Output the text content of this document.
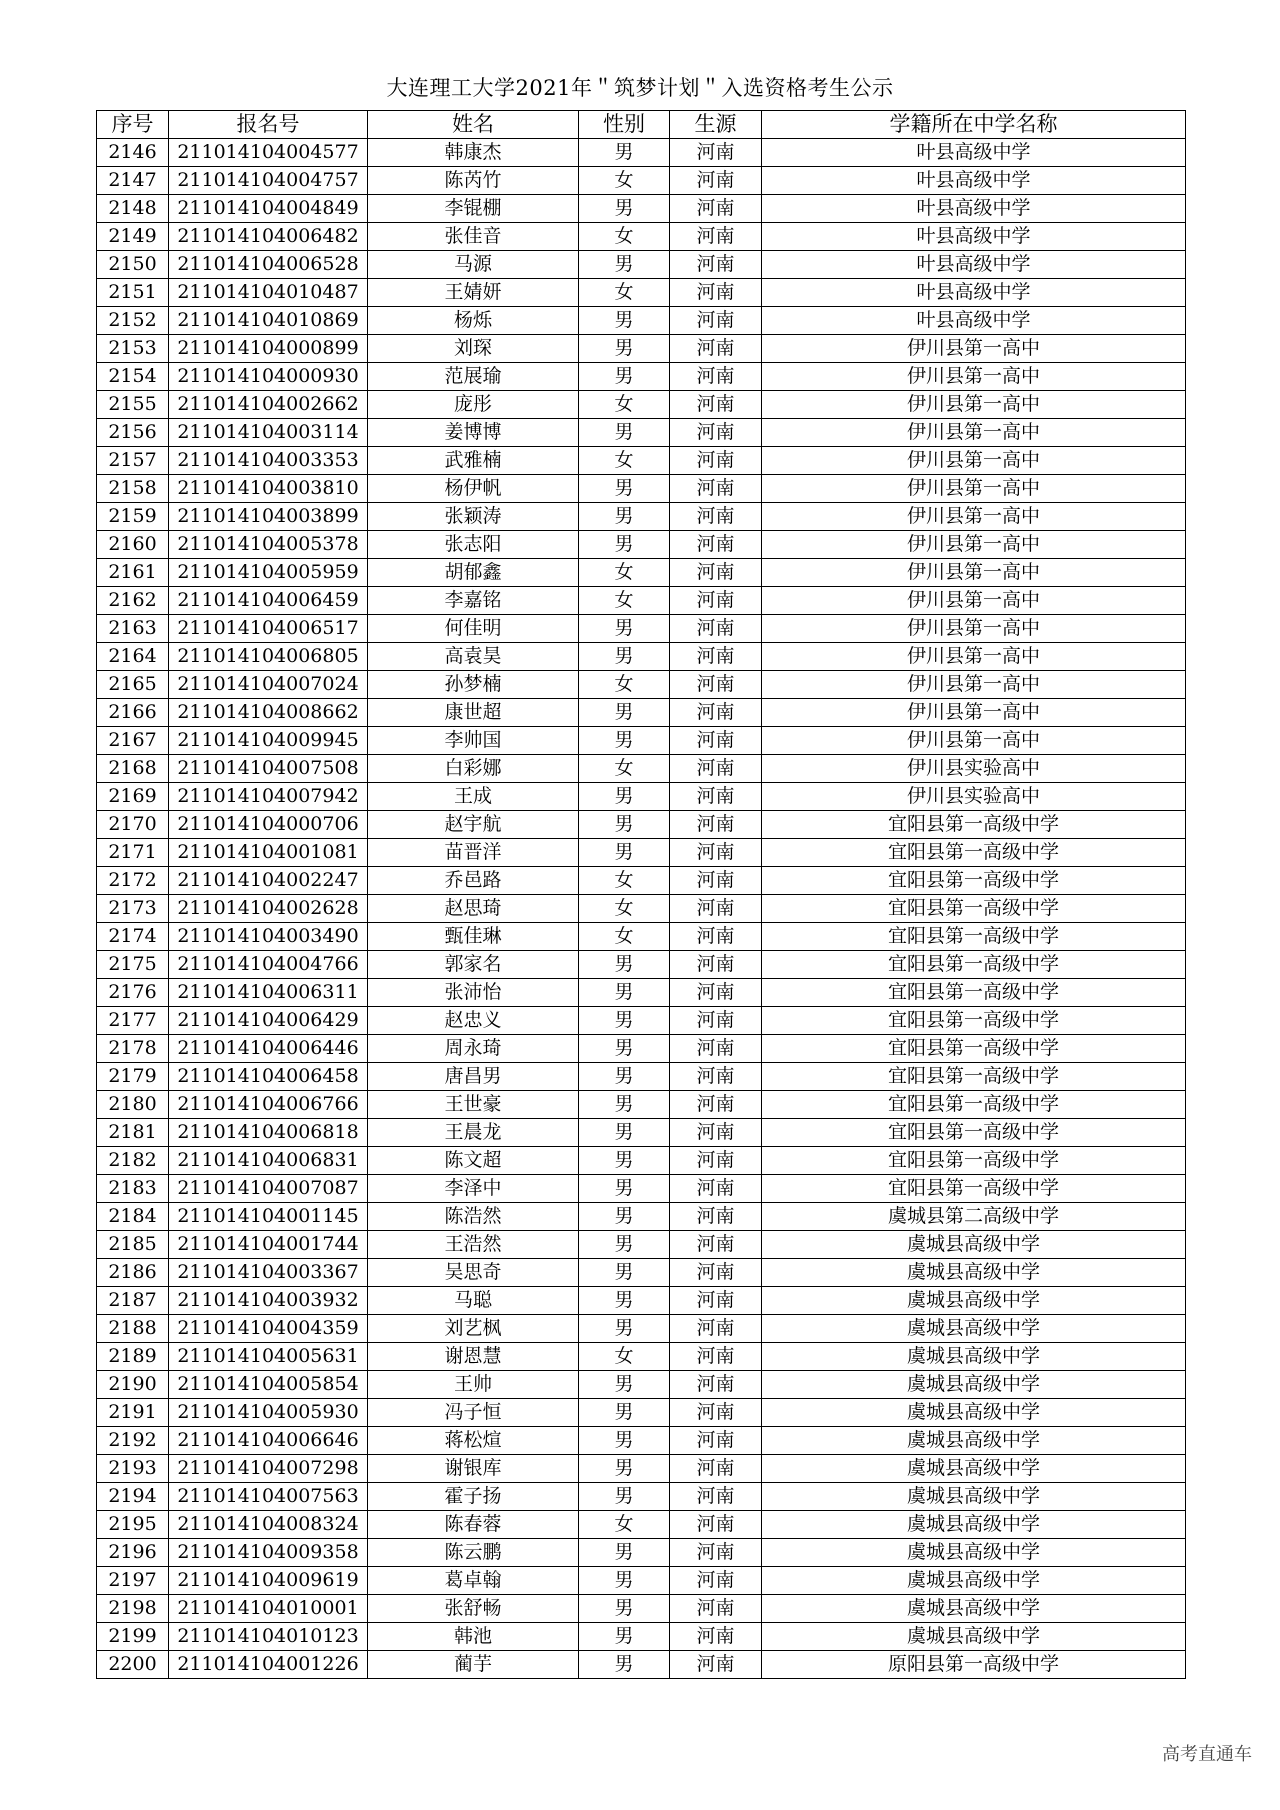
大连理工大学2021年＂筑梦计划＂入选资格考生公示
序号	报名号	姓名	性别	生源	学籍所在中学名称
2146	211014104004577	韩康杰	男	河南	叶县高级中学
2147	211014104004757	陈芮竹	女	河南	叶县高级中学
2148	211014104004849	李锟棚	男	河南	叶县高级中学
2149	211014104006482	张佳音	女	河南	叶县高级中学
2150	211014104006528	马源	男	河南	叶县高级中学
2151	211014104010487	王婧妍	女	河南	叶县高级中学
2152	211014104010869	杨烁	男	河南	叶县高级中学
2153	211014104000899	刘琛	男	河南	伊川县第一高中
2154	211014104000930	范展瑜	男	河南	伊川县第一高中
2155	211014104002662	庞彤	女	河南	伊川县第一高中
2156	211014104003114	姜博博	男	河南	伊川县第一高中
2157	211014104003353	武雅楠	女	河南	伊川县第一高中
2158	211014104003810	杨伊帆	男	河南	伊川县第一高中
2159	211014104003899	张颖涛	男	河南	伊川县第一高中
2160	211014104005378	张志阳	男	河南	伊川县第一高中
2161	211014104005959	胡郁鑫	女	河南	伊川县第一高中
2162	211014104006459	李嘉铭	女	河南	伊川县第一高中
2163	211014104006517	何佳明	男	河南	伊川县第一高中
2164	211014104006805	高袁昊	男	河南	伊川县第一高中
2165	211014104007024	孙梦楠	女	河南	伊川县第一高中
2166	211014104008662	康世超	男	河南	伊川县第一高中
2167	211014104009945	李帅国	男	河南	伊川县第一高中
2168	211014104007508	白彩娜	女	河南	伊川县实验高中
2169	211014104007942	王成	男	河南	伊川县实验高中
2170	211014104000706	赵宇航	男	河南	宜阳县第一高级中学
2171	211014104001081	苗晋洋	男	河南	宜阳县第一高级中学
2172	211014104002247	乔邑路	女	河南	宜阳县第一高级中学
2173	211014104002628	赵思琦	女	河南	宜阳县第一高级中学
2174	211014104003490	甄佳琳	女	河南	宜阳县第一高级中学
2175	211014104004766	郭家名	男	河南	宜阳县第一高级中学
2176	211014104006311	张沛怡	男	河南	宜阳县第一高级中学
2177	211014104006429	赵忠义	男	河南	宜阳县第一高级中学
2178	211014104006446	周永琦	男	河南	宜阳县第一高级中学
2179	211014104006458	唐昌男	男	河南	宜阳县第一高级中学
2180	211014104006766	王世豪	男	河南	宜阳县第一高级中学
2181	211014104006818	王晨龙	男	河南	宜阳县第一高级中学
2182	211014104006831	陈文超	男	河南	宜阳县第一高级中学
2183	211014104007087	李泽中	男	河南	宜阳县第一高级中学
2184	211014104001145	陈浩然	男	河南	虞城县第二高级中学
2185	211014104001744	王浩然	男	河南	虞城县高级中学
2186	211014104003367	吴思奇	男	河南	虞城县高级中学
2187	211014104003932	马聪	男	河南	虞城县高级中学
2188	211014104004359	刘艺枫	男	河南	虞城县高级中学
2189	211014104005631	谢恩慧	女	河南	虞城县高级中学
2190	211014104005854	王帅	男	河南	虞城县高级中学
2191	211014104005930	冯子恒	男	河南	虞城县高级中学
2192	211014104006646	蒋松煊	男	河南	虞城县高级中学
2193	211014104007298	谢银库	男	河南	虞城县高级中学
2194	211014104007563	霍子扬	男	河南	虞城县高级中学
2195	211014104008324	陈春蓉	女	河南	虞城县高级中学
2196	211014104009358	陈云鹏	男	河南	虞城县高级中学
2197	211014104009619	葛卓翰	男	河南	虞城县高级中学
2198	211014104010001	张舒畅	男	河南	虞城县高级中学
2199	211014104010123	韩池	男	河南	虞城县高级中学
2200	211014104001226	蔺芋	男	河南	原阳县第一高级中学
高考直通车
